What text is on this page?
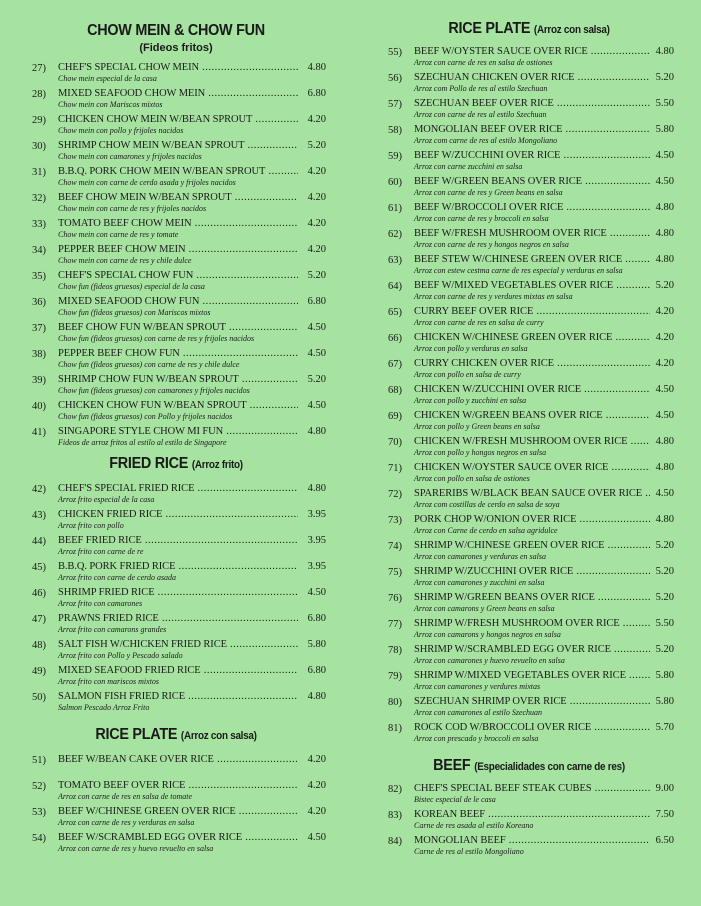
CHOW MEIN & CHOW FUN
(Fideos fritos)
27) CHEF'S SPECIAL CHOW MEIN .....	4.80
Chow mein especial de la casa
28) MIXED SEAFOOD CHOW MEIN .....	6.80
Chow mein con Mariscos mixtos
29) CHICKEN CHOW MEIN W/BEAN SPROUT .....	4.20
Chow mein con pollo y frijoles nacidos
30) SHRIMP CHOW MEIN W/BEAN SPROUT .....	5.20
Chow mein con camarones y frijoles nacidos
31) B.B.Q. PORK CHOW MEIN W/BEAN SPROUT .....	4.20
Chow mein con carne de cerdo asada y frijoles nacidos
32) BEEF CHOW MEIN W/BEAN SPROUT .....	4.20
Chow mein con carne de res y frijoles nacidos
33) TOMATO BEEF CHOW MEIN .....	4.20
Chow mein con carne de res y tomate
34) PEPPER BEEF CHOW MEIN .....	4.20
Chow mein con carne de res y chile dulce
35) CHEF'S SPECIAL CHOW FUN .....	5.20
Chow fun (fideos gruesos) especial de la casa
36) MIXED SEAFOOD CHOW FUN .....	6.80
Chow fun (fideos gruesos) con Mariscos mixtos
37) BEEF CHOW FUN W/BEAN SPROUT .....	4.50
Chow fun (fideos gruesos) con carne de res y frijoles nacidos
38) PEPPER BEEF CHOW FUN .....	4.50
Chow fun (fideos gruesos) con carne de res y chile dulce
39) SHRIMP CHOW FUN W/BEAN SPROUT .....	5.20
Chow fun (fideos gruesos) con camarones y frijoles nacidos
40) CHICKEN CHOW FUN W/BEAN SPROUT .....	4.50
Chow fun (fideos gruesos) con Pollo y frijoles nacidos
41) SINGAPORE STYLE CHOW MI FUN .....	4.80
Fideos de arroz fritos al estilo al estilo de Singapore
FRIED RICE (Arroz frito)
42) CHEF'S SPECIAL FRIED RICE .....	4.80
Arroz frito especial de la casa
43) CHICKEN FRIED RICE .....	3.95
Arroz frito con pollo
44) BEEF FRIED RICE .....	3.95
Arroz frito con carne de re
45) B.B.Q. PORK FRIED RICE .....	3.95
Arroz frito con carne de cerdo asada
46) SHRIMP FRIED RICE .....	4.50
Arroz frito con camarones
47) PRAWNS FRIED RICE .....	6.80
Arroz frito con camarons grandes
48) SALT FISH W/CHICKEN FRIED RICE .....	5.80
Arroz frito con Pollo y Pescado salado
49) MIXED SEAFOOD FRIED RICE .....	6.80
Arroz frito con mariscos mixtos
50) SALMON FISH FRIED RICE .....	4.80
Salmon Pescado Arroz Frito
RICE PLATE (Arroz con salsa)
51) BEEF W/BEAN CAKE OVER RICE .....	4.20
52) TOMATO BEEF OVER RICE .....	4.20
Arroz con carne de res en salsa de tomate
53) BEEF W/CHINESE GREEN OVER RICE .....	4.20
Arroz con carne de res y verduras en salsa
54) BEEF W/SCRAMBLED EGG OVER RICE .....	4.50
Arroz con carne de res y huevo revuelto en salsa
RICE PLATE (Arroz con salsa)
55) BEEF W/OYSTER SAUCE OVER RICE .....	4.80
Arroz con carne de res en salsa de ostiones
56) SZECHUAN CHICKEN OVER RICE .....	5.20
Arroz com Pollo de res al estilo Szechuan
57) SZECHUAN BEEF OVER RICE .....	5.50
Arroz con carne de res al estilo Szechuan
58) MONGOLIAN BEEF OVER RICE .....	5.80
Arroz com carne de res al estilo Mongoliano
59) BEEF W/ZUCCHINI OVER RICE .....	4.50
Arroz con carne zucchini en salsa
60) BEEF W/GREEN BEANS OVER RICE .....	4.50
Arroz con carne de res y Green beans en salsa
61) BEEF W/BROCCOLI OVER RICE .....	4.80
Arroz con carne de res y broccoli en salsa
62) BEEF W/FRESH MUSHROOM OVER RICE .....	4.80
Arroz con carne de res y hongos negros en salsa
63) BEEF STEW W/CHINESE GREEN OVER RICE .....	4.80
Arroz con estew cestma carne de res especial y verduras en salsa
64) BEEF W/MIXED VEGETABLES OVER RICE .....	5.20
Arroz con carne de res y verdures mixtas en salsa
65) CURRY BEEF OVER RICE .....	4.20
Arroz con carne de res en salsa de curry
66) CHICKEN W/CHINESE GREEN OVER RICE .....	4.20
Arroz con pollo y verduras en salsa
67) CURRY CHICKEN OVER RICE .....	4.20
Arroz con pollo en salsa de curry
68) CHICKEN W/ZUCCHINI OVER RICE .....	4.50
Arroz con pollo y zucchini en salsa
69) CHICKEN W/GREEN BEANS OVER RICE .....	4.50
Arroz con pollo y Green beans en salsa
70) CHICKEN W/FRESH MUSHROOM OVER RICE .....	4.80
Arroz con pollo y hongos negros en salsa
71) CHICKEN W/OYSTER SAUCE OVER RICE .....	4.80
Arroz con pollo en salsa de ostiones
72) SPARERIBS W/BLACK BEAN SAUCE OVER RICE .....	4.50
Arroz com costillas de cerdo en salsa de soya
73) PORK CHOP W/ONION OVER RICE .....	4.80
Arroz con Carne de cerdo en salsa agridulce
74) SHRIMP W/CHINESE GREEN OVER RICE .....	5.20
Arroz con camarones y verduras en salsa
75) SHRIMP W/ZUCCHINI OVER RICE .....	5.20
Arroz con camarones y zucchini en salsa
76) SHRIMP W/GREEN BEANS OVER RICE .....	5.20
Arroz con camarons y Green beans en salsa
77) SHRIMP W/FRESH MUSHROOM OVER RICE .....	5.50
Arroz con camarons y hongos negros en salsa
78) SHRIMP W/SCRAMBLED EGG OVER RICE .....	5.20
Arroz con camarones y huevo revuelto en salsa
79) SHRIMP W/MIXED VEGETABLES OVER RICE .....	5.80
Arroz con camarones y verdures mixtas
80) SZECHUAN SHRIMP OVER RICE .....	5.80
Arroz con camarones al estilo Szechuan
81) ROCK COD W/BROCCOLI OVER RICE .....	5.70
Arroz con prescado y broccoli en salsa
BEEF (Especialidades con carne de res)
82) CHEF'S SPECIAL BEEF STEAK CUBES .....	9.00
Bistec especial de le casa
83) KOREAN BEEF .....	7.50
Carne de res asada al estilo Koreano
84) MONGOLIAN BEEF .....	6.50
Carne de res al estilo Mongoliano
